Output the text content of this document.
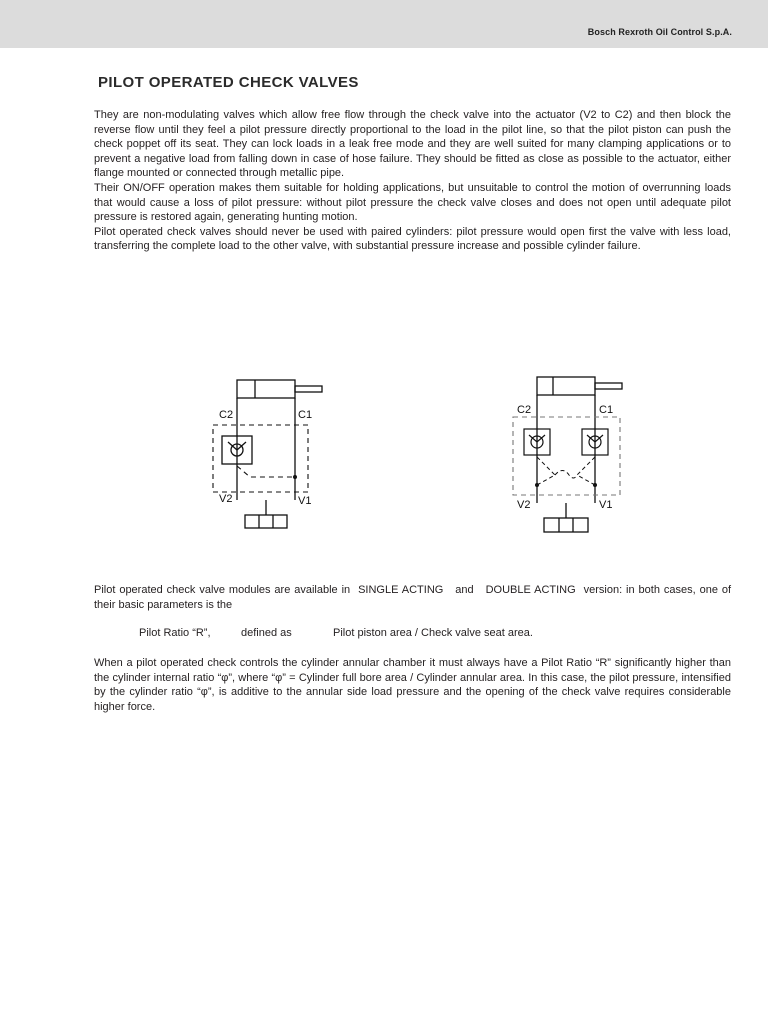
Bosch Rexroth Oil Control S.p.A.
PILOT OPERATED CHECK VALVES

They are non-modulating valves which allow free flow through the check valve into the actuator (V2 to C2) and then block the reverse flow until they feel a pilot pressure directly proportional to the load in the pilot line, so that the pilot piston can push the check poppet off its seat. They can lock loads in a leak free mode and they are well suited for many clamping applications or to prevent a negative load from falling down in case of hose failure. They should be fitted as close as possible to the actuator, either flange mounted or connected through metallic pipe.

Their ON/OFF operation makes them suitable for holding applications, but unsuitable to control the motion of overrunning loads that would cause a loss of pilot pressure: without pilot pressure the check valve closes and does not open until adequate pilot pressure is restored again, generating hunting motion.

Pilot operated check valves should never be used with paired cylinders: pilot pressure would open first the valve with less load, transferring the complete load to the other valve, with substantial pressure increase and possible cylinder failure.

C2	C1
V2	V1
C2	C1
V2	V1
Pilot operated check valve modules are available in SINGLE ACTING and DOUBLE ACTING version: in both cases, one of their basic parameters is the
Pilot Ratio “R”,	defined as	Pilot piston area / Check valve seat area.
When a pilot operated check controls the cylinder annular chamber it must always have a Pilot Ratio “R” significantly higher than the cylinder internal ratio “φ”, where “φ” = Cylinder full bore area / Cylinder annular area. In this case, the pilot pressure, intensified by the cylinder ratio “φ”, is additive to the annular side load pressure and the opening of the check valve requires considerable higher force.
